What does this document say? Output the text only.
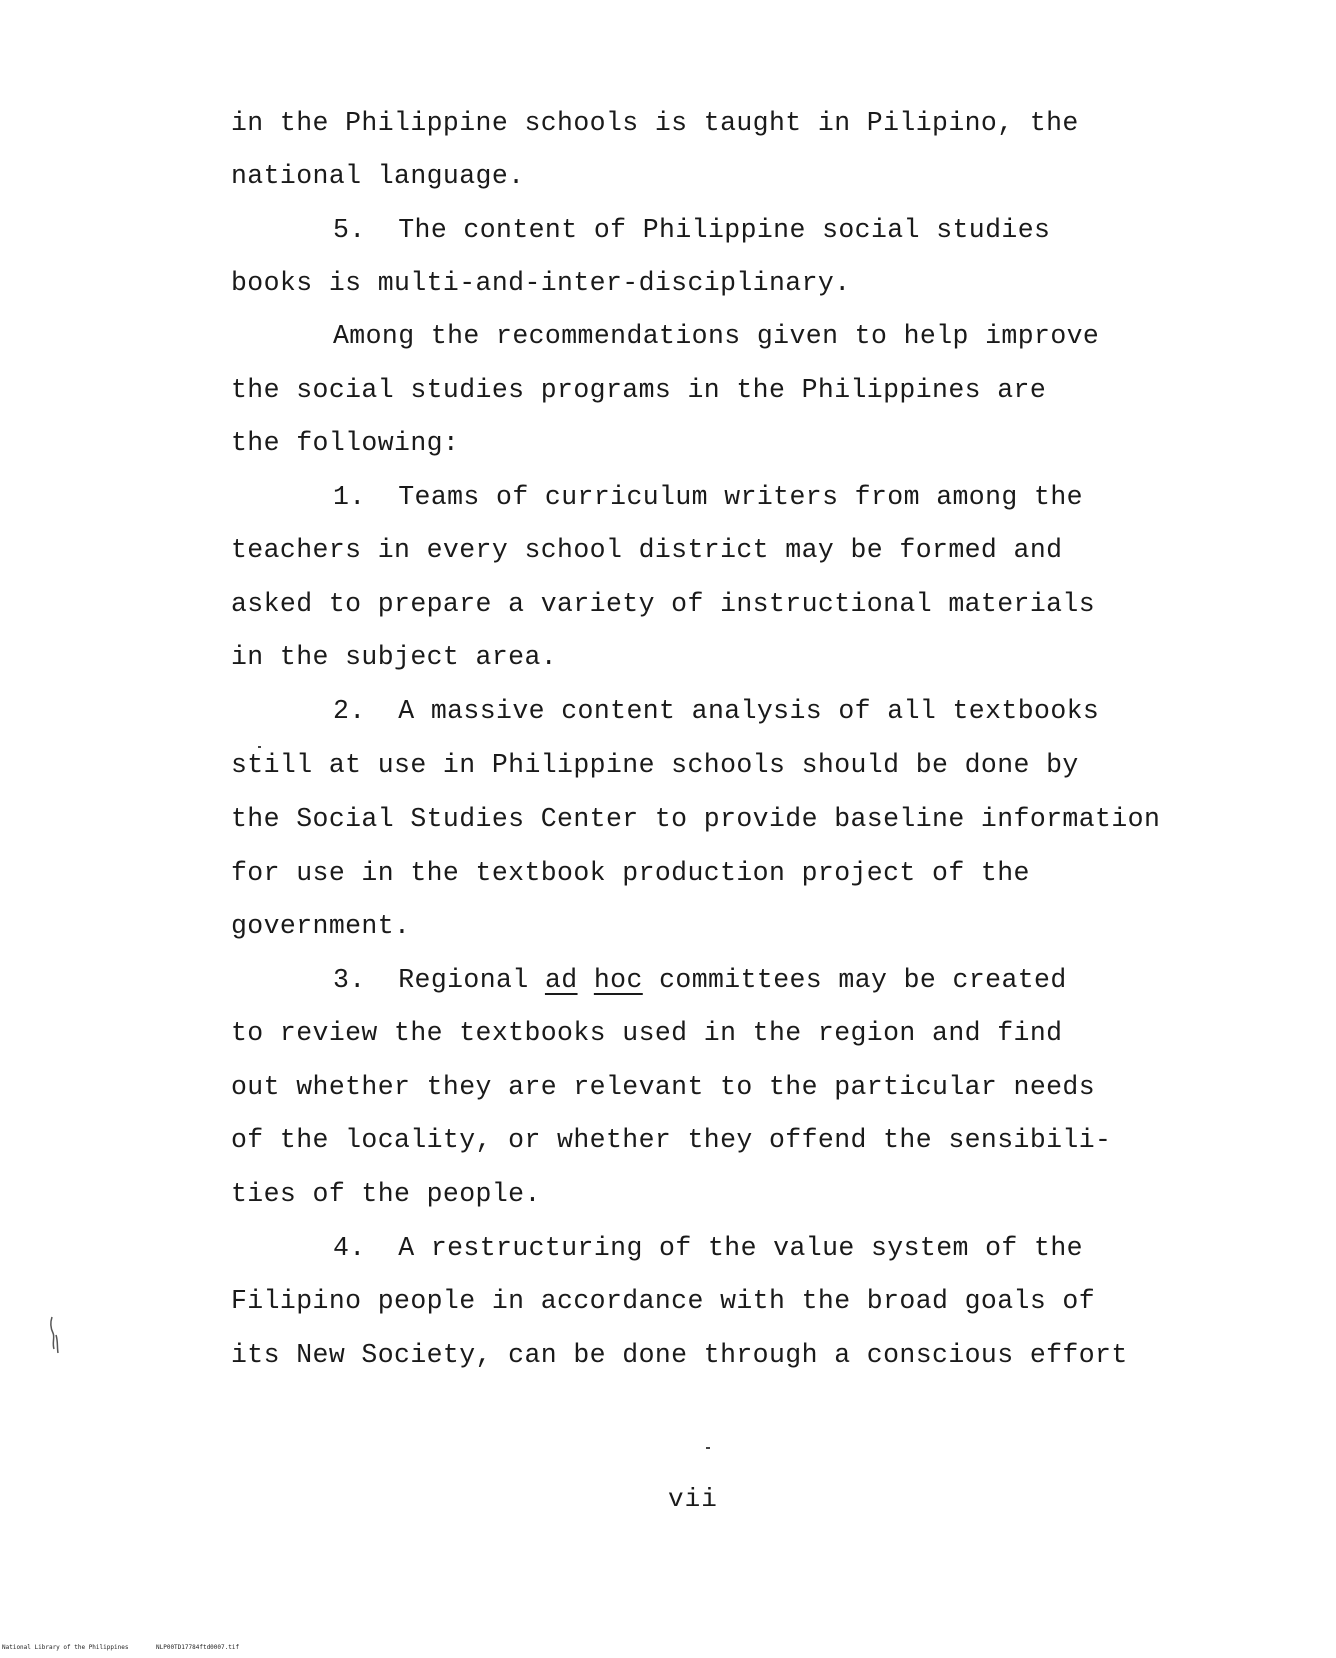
in the Philippine schools is taught in Pilipino, the
national language.
5.  The content of Philippine social studies
books is multi-and-inter-disciplinary.
Among the recommendations given to help improve
the social studies programs in the Philippines are
the following:
1.  Teams of curriculum writers from among the
teachers in every school district may be formed and
asked to prepare a variety of instructional materials
in the subject area.
2.  A massive content analysis of all textbooks
still at use in Philippine schools should be done by
the Social Studies Center to provide baseline information
for use in the textbook production project of the
government.
3.  Regional ad hoc committees may be created
to review the textbooks used in the region and find
out whether they are relevant to the particular needs
of the locality, or whether they offend the sensibili-
ties of the people.
4.  A restructuring of the value system of the
Filipino people in accordance with the broad goals of
its New Society, can be done through a conscious effort
vii
National Library of the Philippines	NLP00TD17784ftd0007.tif
